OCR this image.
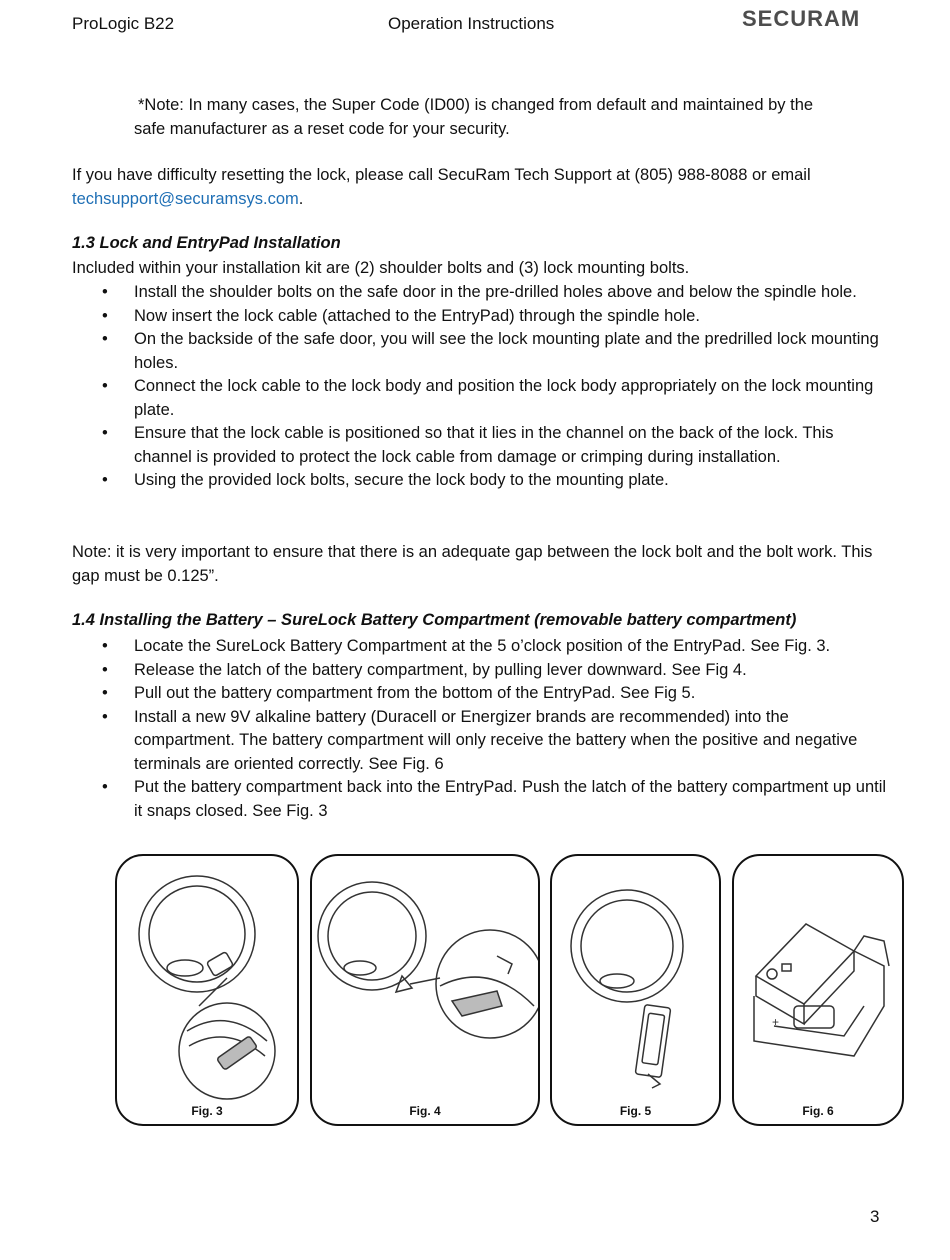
ProLogic B22	Operation Instructions	SECURAM
*Note: In many cases, the Super Code (ID00) is changed from default and maintained by the
safe manufacturer as a reset code for your security.
If you have difficulty resetting the lock, please call SecuRam Tech Support at (805) 988-8088 or email
techsupport@securamsys.com.
1.3 Lock and EntryPad Installation
Included within your installation kit are (2) shoulder bolts and (3) lock mounting bolts.
• Install the shoulder bolts on the safe door in the pre-drilled holes above and below the spindle hole.
• Now insert the lock cable (attached to the EntryPad) through the spindle hole.
• On the backside of the safe door, you will see the lock mounting plate and the predrilled lock mounting holes.
• Connect the lock cable to the lock body and position the lock body appropriately on the lock mounting plate.
• Ensure that the lock cable is positioned so that it lies in the channel on the back of the lock. This channel is provided to protect the lock cable from damage or crimping during installation.
• Using the provided lock bolts, secure the lock body to the mounting plate.
Note: it is very important to ensure that there is an adequate gap between the lock bolt and the bolt work. This gap must be 0.125”.
1.4 Installing the Battery – SureLock Battery Compartment (removable battery compartment)
• Locate the SureLock Battery Compartment at the 5 o’clock position of the EntryPad. See Fig. 3.
• Release the latch of the battery compartment, by pulling lever downward. See Fig 4.
• Pull out the battery compartment from the bottom of the EntryPad. See Fig 5.
• Install a new 9V alkaline battery (Duracell or Energizer brands are recommended) into the compartment. The battery compartment will only receive the battery when the positive and negative terminals are oriented correctly. See Fig. 6
• Put the battery compartment back into the EntryPad. Push the latch of the battery compartment up until it snaps closed. See Fig. 3
Fig. 3	Fig. 4	Fig. 5
+
Fig. 6
3
